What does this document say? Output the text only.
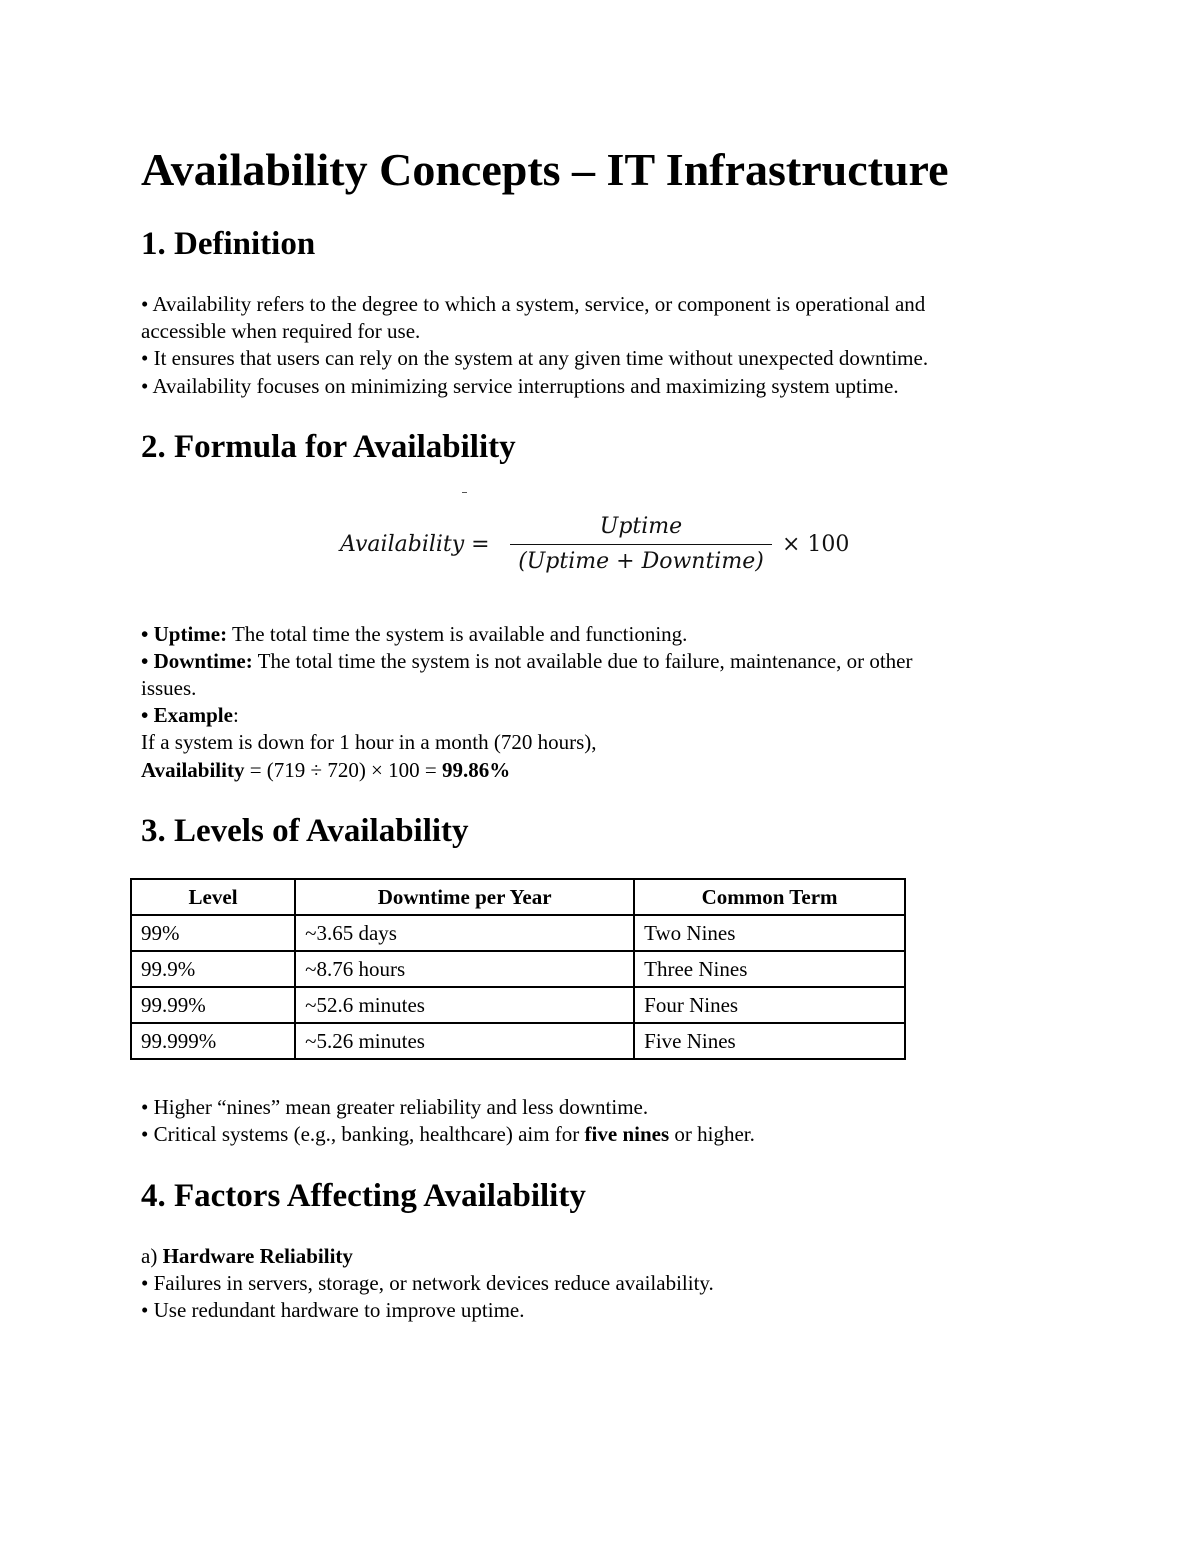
Availability Concepts – IT Infrastructure
1. Definition
• Availability refers to the degree to which a system, service, or component is operational and
accessible when required for use.
• It ensures that users can rely on the system at any given time without unexpected downtime.
• Availability focuses on minimizing service interruptions and maximizing system uptime.
2. Formula for Availability
Availability =
Uptime
(Uptime + Downtime)
× 100
• Uptime: The total time the system is available and functioning.
• Downtime: The total time the system is not available due to failure, maintenance, or other
issues.
• Example:
If a system is down for 1 hour in a month (720 hours),
Availability = (719 ÷ 720) × 100 = 99.86%
3. Levels of Availability
Level	Downtime per Year	Common Term
99%	~3.65 days	Two Nines
99.9%	~8.76 hours	Three Nines
99.99%	~52.6 minutes	Four Nines
99.999%	~5.26 minutes	Five Nines
• Higher “nines” mean greater reliability and less downtime.
• Critical systems (e.g., banking, healthcare) aim for five nines or higher.
4. Factors Affecting Availability
a) Hardware Reliability
• Failures in servers, storage, or network devices reduce availability.
• Use redundant hardware to improve uptime.
